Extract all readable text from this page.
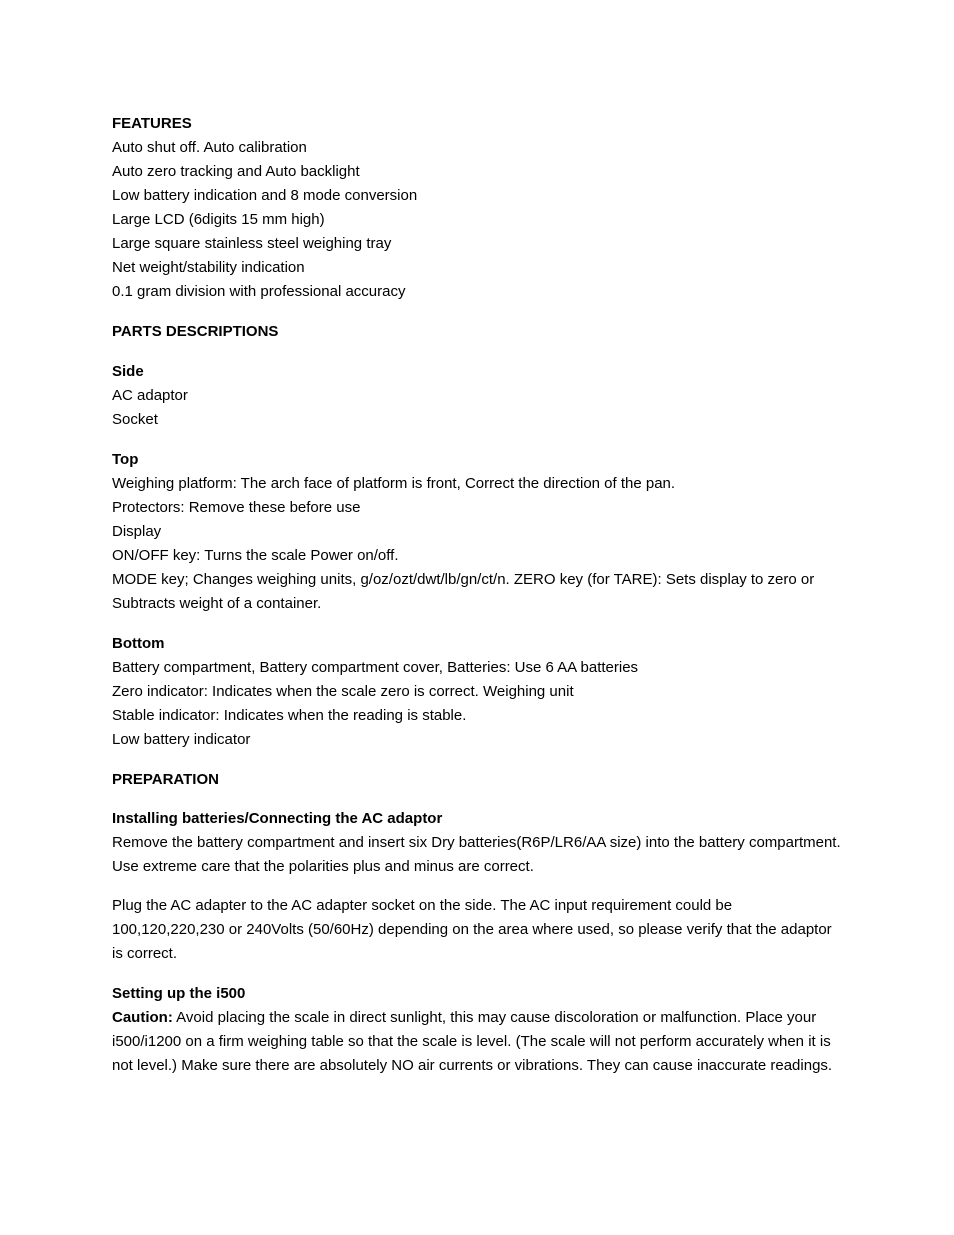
FEATURES
Auto shut off. Auto calibration
Auto zero tracking and Auto backlight
Low battery indication and 8 mode conversion
Large LCD (6digits 15 mm high)
Large square stainless steel weighing tray
Net weight/stability indication
0.1 gram division with professional accuracy
PARTS DESCRIPTIONS
Side
AC adaptor
Socket
Top
Weighing platform: The arch face of platform is front, Correct the direction of the pan.
Protectors: Remove these before use
Display
ON/OFF key: Turns the scale Power on/off.
MODE key; Changes weighing units, g/oz/ozt/dwt/lb/gn/ct/n. ZERO key (for TARE): Sets display to zero or Subtracts weight of a container.
Bottom
Battery compartment, Battery compartment cover, Batteries: Use 6 AA batteries
Zero indicator: Indicates when the scale zero is correct. Weighing unit
Stable indicator: Indicates when the reading is stable.
Low battery indicator
PREPARATION
Installing batteries/Connecting the AC adaptor
Remove the battery compartment and insert six Dry batteries(R6P/LR6/AA size) into the battery compartment. Use extreme care that the polarities plus and minus are correct.
Plug the AC adapter to the AC adapter socket on the side. The AC input requirement could be 100,120,220,230 or 240Volts (50/60Hz) depending on the area where used, so please verify that the adaptor is correct.
Setting up the i500
Caution: Avoid placing the scale in direct sunlight, this may cause discoloration or malfunction. Place your i500/i1200 on a firm weighing table so that the scale is level. (The scale will not perform accurately when it is not level.) Make sure there are absolutely NO air currents or vibrations. They can cause inaccurate readings.
